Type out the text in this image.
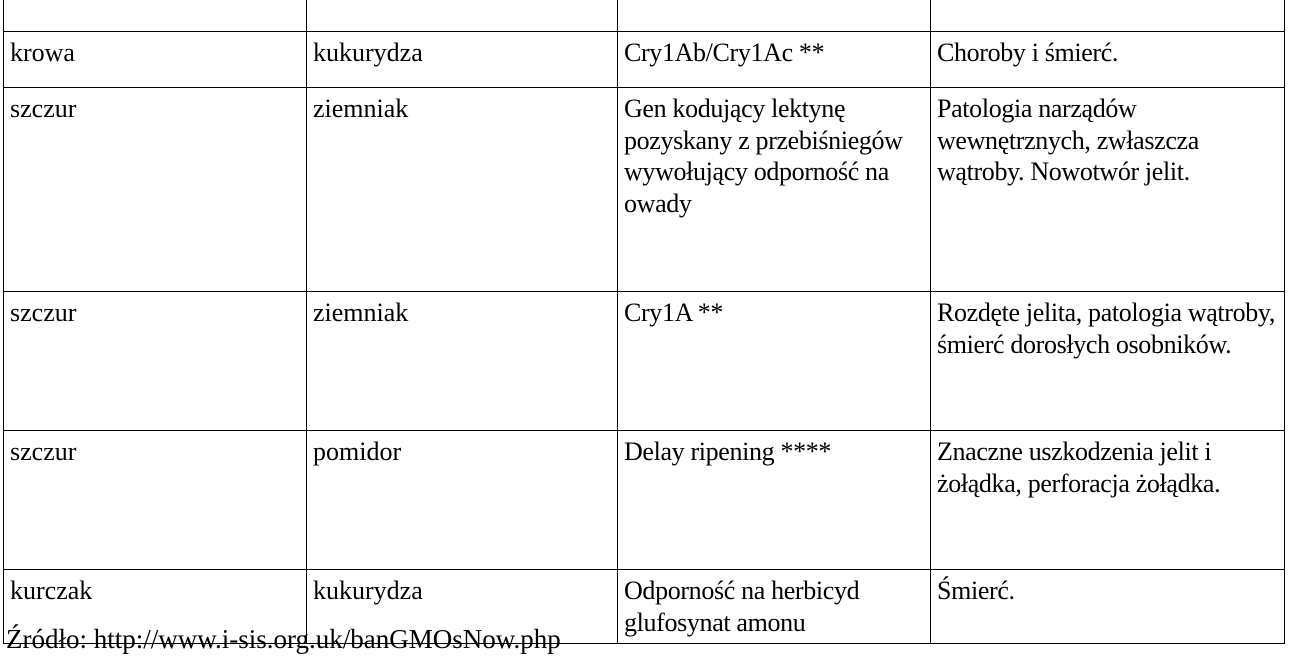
krowa	kukurydza	Cry1Ab/Cry1Ac **	Choroby i śmierć.
szczur	ziemniak	Gen kodujący lektynę pozyskany z przebiśniegów wywołujący odporność na owady	Patologia narządów wewnętrznych, zwłaszcza wątroby. Nowotwór jelit.
szczur	ziemniak	Cry1A **	Rozdęte jelita, patologia wątroby, śmierć dorosłych osobników.
szczur	pomidor	Delay ripening ****	Znaczne uszkodzenia jelit i żołądka, perforacja żołądka.
kurczak	kukurydza	Odporność na herbicyd glufosynat amonu	Śmierć.
Źródło: http://www.i-sis.org.uk/banGMOsNow.php
